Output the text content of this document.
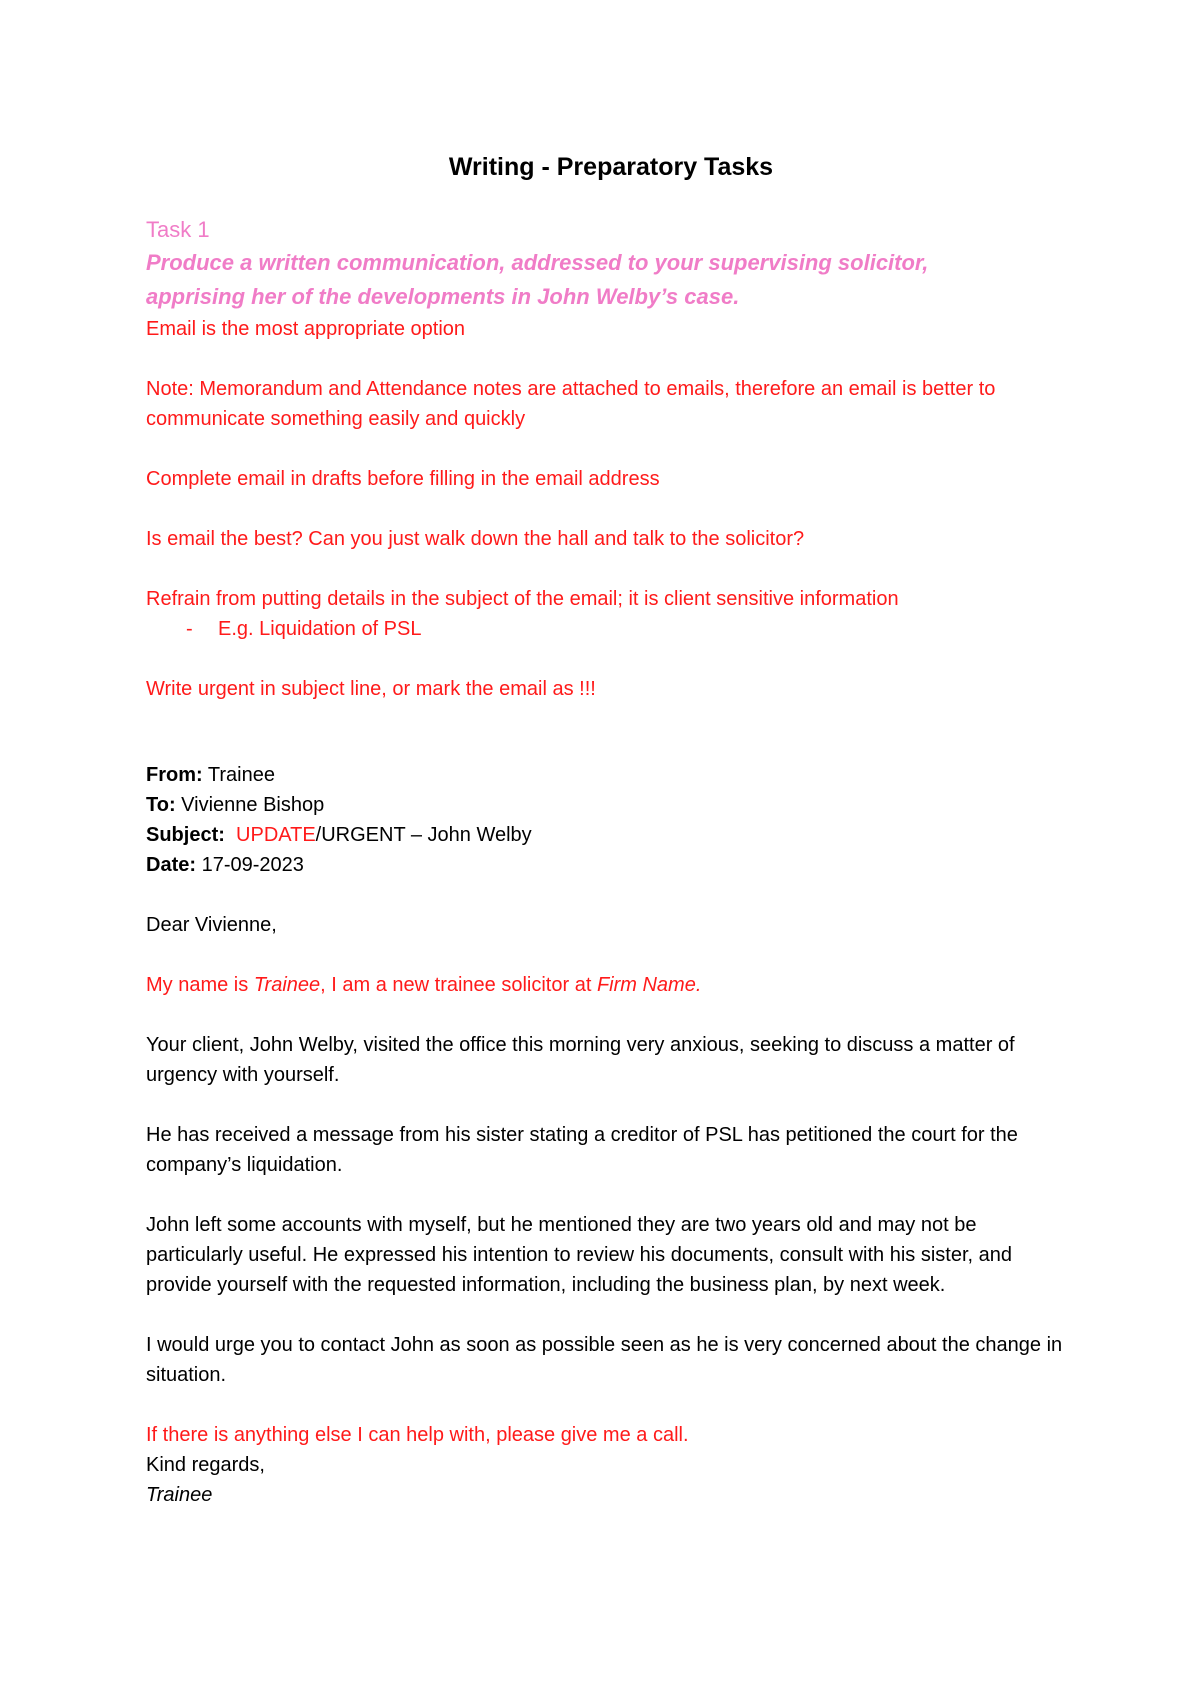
Writing - Preparatory Tasks

Task 1

Produce a written communication, addressed to your supervising solicitor,

apprising her of the developments in John Welby’s case.

Email is the most appropriate option

Note: Memorandum and Attendance notes are attached to emails, therefore an email is better to communicate something easily and quickly

Complete email in drafts before filling in the email address

Is email the best? Can you just walk down the hall and talk to the solicitor?

Refrain from putting details in the subject of the email; it is client sensitive information

- E.g. Liquidation of PSL

Write urgent in subject line, or mark the email as !!!

From: Trainee

To: Vivienne Bishop

Subject: UPDATE/URGENT – John Welby

Date: 17-09-2023

Dear Vivienne,

My name is Trainee, I am a new trainee solicitor at Firm Name.

Your client, John Welby, visited the office this morning very anxious, seeking to discuss a matter of urgency with yourself.

He has received a message from his sister stating a creditor of PSL has petitioned the court for the company’s liquidation.

John left some accounts with myself, but he mentioned they are two years old and may not be particularly useful. He expressed his intention to review his documents, consult with his sister, and provide yourself with the requested information, including the business plan, by next week.

I would urge you to contact John as soon as possible seen as he is very concerned about the change in situation.

If there is anything else I can help with, please give me a call.

Kind regards,

Trainee
